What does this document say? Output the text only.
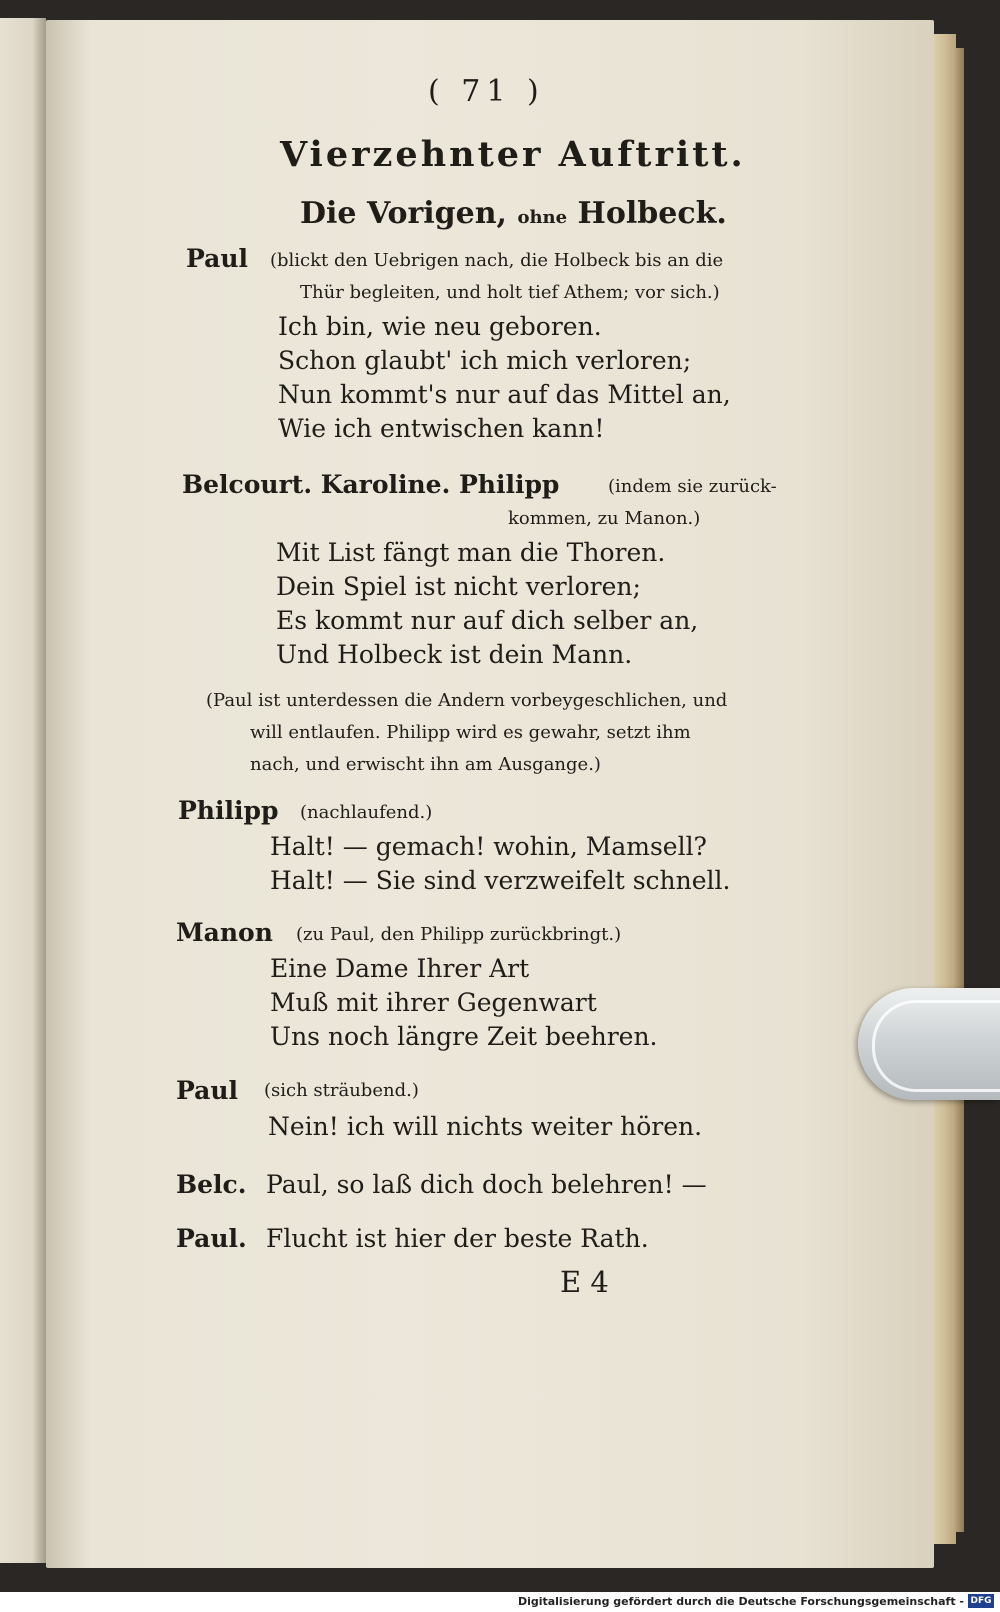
( 71 )
Vierzehnter Auftritt.
Die Vorigen, ohne Holbeck.
Paul (blickt den Uebrigen nach, die Holbeck bis an die
Thür begleiten, und holt tief Athem; vor sich.)
Ich bin, wie neu geboren.
Schon glaubt' ich mich verloren;
Nun kommt's nur auf das Mittel an,
Wie ich entwischen kann!
Belcourt. Karoline. Philipp	(indem sie zurück-
kommen, zu Manon.)
Mit List fängt man die Thoren.
Dein Spiel ist nicht verloren;
Es kommt nur auf dich selber an,
Und Holbeck ist dein Mann.
(Paul ist unterdessen die Andern vorbeygeschlichen, und
will entlaufen. Philipp wird es gewahr, setzt ihm
nach, und erwischt ihn am Ausgange.)
Philipp (nachlaufend.)
Halt! — gemach! wohin, Mamsell?
Halt! — Sie sind verzweifelt schnell.
Manon (zu Paul, den Philipp zurückbringt.)
Eine Dame Ihrer Art
Muß mit ihrer Gegenwart
Uns noch längre Zeit beehren.
Paul (sich sträubend.)
Nein! ich will nichts weiter hören.
Belc. Paul, so laß dich doch belehren! —
Paul. Flucht ist hier der beste Rath.
E 4
Digitalisierung gefördert durch die Deutsche Forschungsgemeinschaft - DFG
